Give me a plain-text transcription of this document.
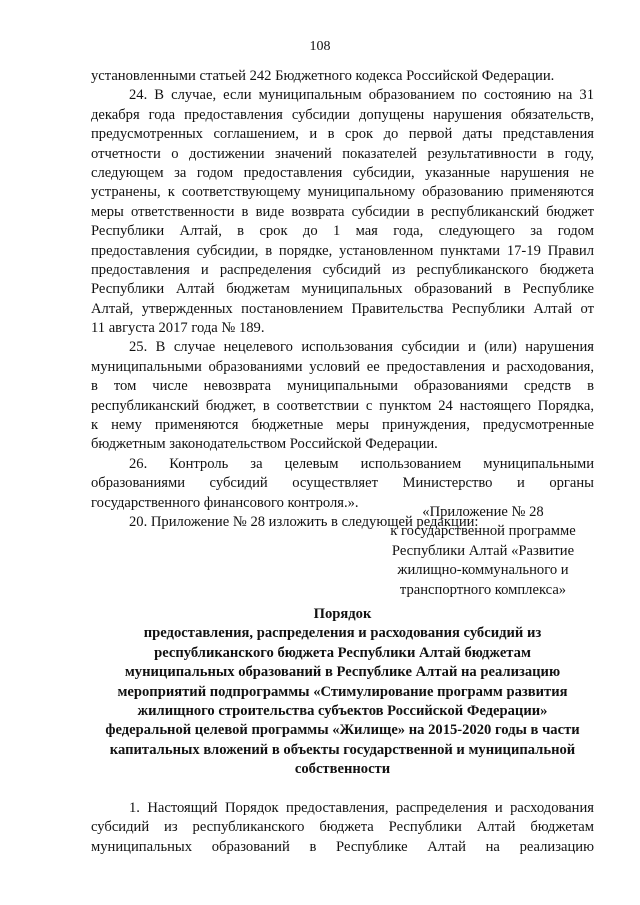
108
установленными статьей 242 Бюджетного кодекса Российской Федерации.
24. В случае, если муниципальным образованием по состоянию на 31
декабря года предоставления субсидии допущены нарушения обязательств,
предусмотренных соглашением, и в срок до первой даты представления
отчетности о достижении значений показателей результативности в году,
следующем за годом предоставления субсидии, указанные нарушения не
устранены, к соответствующему муниципальному образованию применяются
меры ответственности в виде возврата субсидии в республиканский бюджет
Республики Алтай, в срок до 1 мая года, следующего за годом
предоставления субсидии, в порядке, установленном пунктами 17-19 Правил
предоставления и распределения субсидий из республиканского бюджета
Республики Алтай бюджетам муниципальных образований в Республике
Алтай, утвержденных постановлением Правительства Республики Алтай от
11 августа 2017 года № 189.
25. В случае нецелевого использования субсидии и (или) нарушения
муниципальными образованиями условий ее предоставления и расходования,
в том числе невозврата муниципальными образованиями средств в
республиканский бюджет, в соответствии с пунктом 24 настоящего Порядка,
к нему применяются бюджетные меры принуждения, предусмотренные
бюджетным законодательством Российской Федерации.
26. Контроль за целевым использованием муниципальными
образованиями субсидий осуществляет Министерство и органы
государственного финансового контроля.».
20. Приложение № 28 изложить в следующей редакции:
«Приложение № 28
к государственной программе
Республики Алтай «Развитие
жилищно-коммунального и
транспортного комплекса»
Порядок
предоставления, распределения и расходования субсидий из
республиканского бюджета Республики Алтай бюджетам
муниципальных образований в Республике Алтай на реализацию
мероприятий подпрограммы «Стимулирование программ развития
жилищного строительства субъектов Российской Федерации»
федеральной целевой программы «Жилище» на 2015-2020 годы в части
капитальных вложений в объекты государственной и муниципальной
собственности
1. Настоящий Порядок предоставления, распределения и расходования
субсидий из республиканского бюджета Республики Алтай бюджетам
муниципальных образований в Республике Алтай на реализацию
